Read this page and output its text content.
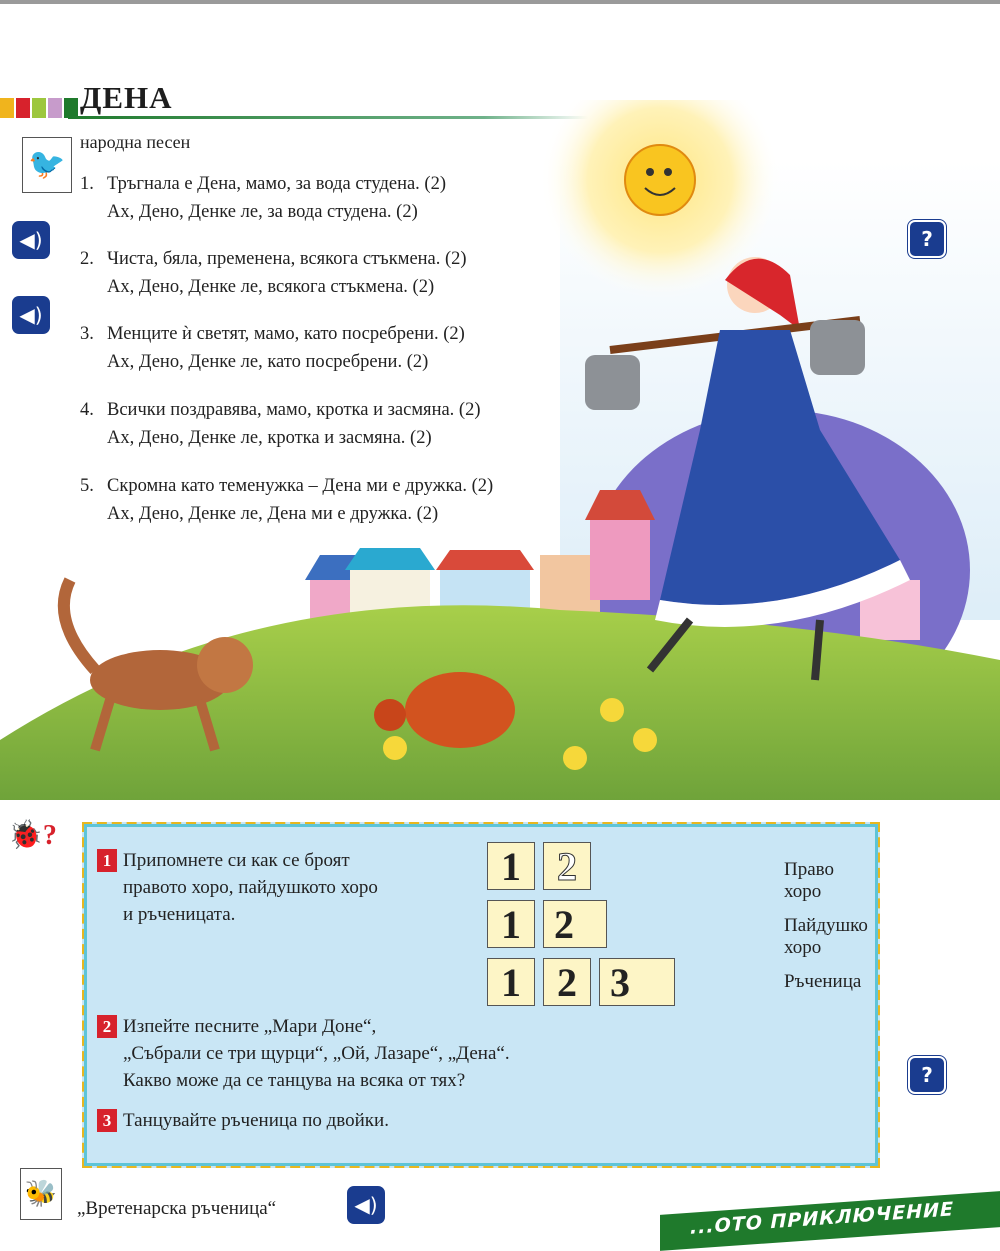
ДЕНА
🐦
народна песен
1. Тръгнала е Дена, мамо, за вода студена. (2)
Ах, Дено, Денке ле, за вода студена. (2)
2. Чиста, бяла, пременена, всякога стъкмена. (2)
Ах, Дено, Денке ле, всякога стъкмена. (2)
3. Менците ѝ светят, мамо, като посребрени. (2)
Ах, Дено, Денке ле, като посребрени. (2)
4. Всички поздравява, мамо, кротка и засмяна. (2)
Ах, Дено, Денке ле, кротка и засмяна. (2)
5. Скромна като теменужка – Дена ми е дружка. (2)
Ах, Дено, Денке ле, Дена ми е дружка. (2)
◀)
◀)
?
?
🐞?
1 Припомнете си как се броят
правото хоро, пайдушкото хоро
и ръченицата.
2 Изпейте песните „Мари Доне“,
„Събрали се три щурци“, „Ой, Лазаре“, „Дена“.
Какво може да се танцува на всяка от тях?
3 Танцувайте ръченица по двойки.
1 2	Право хоро
1 2	Пайдушко хоро
1 2 3	Ръченица
🐝
„Вретенарска ръченица“	◀)	...ОТО ПРИКЛЮЧЕНИЕ
